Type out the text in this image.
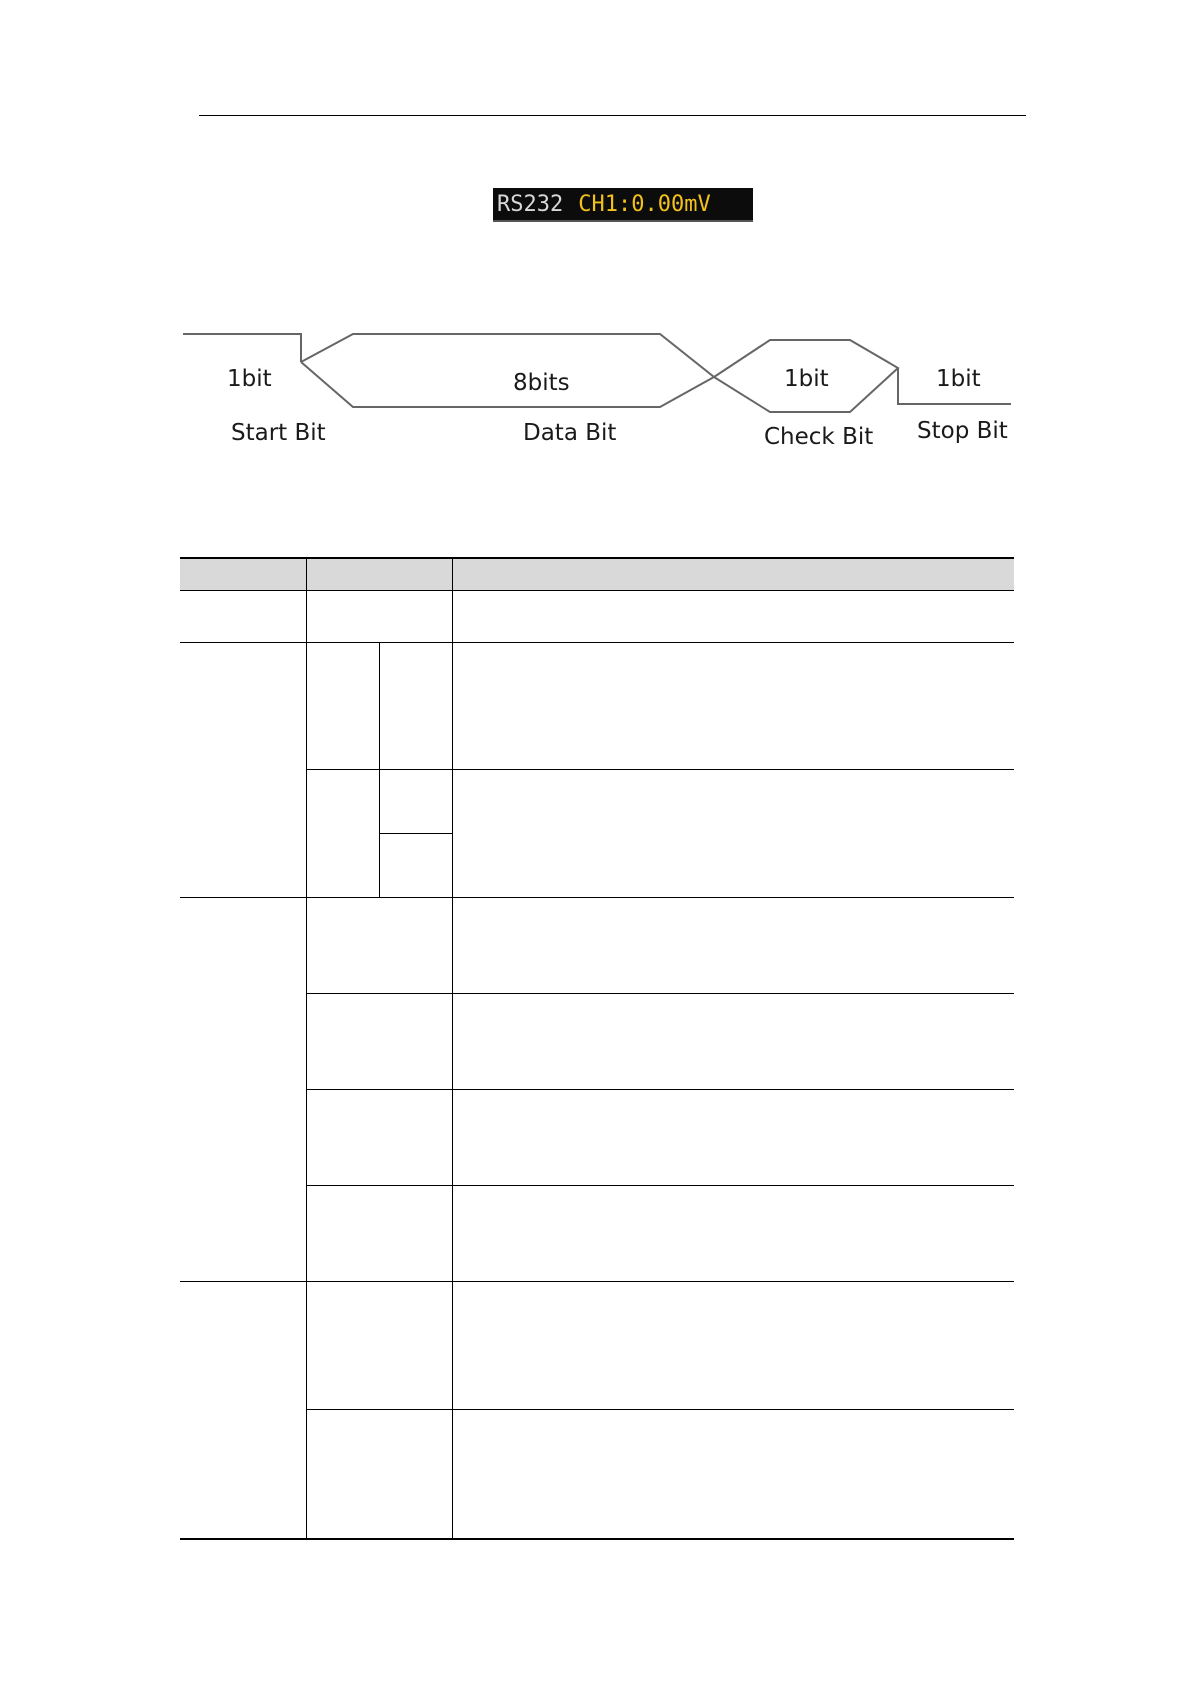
RS232 CH1:0.00mV
1bit
Start Bit
8bits
Data Bit
1bit
Check Bit
1bit
Stop Bit
